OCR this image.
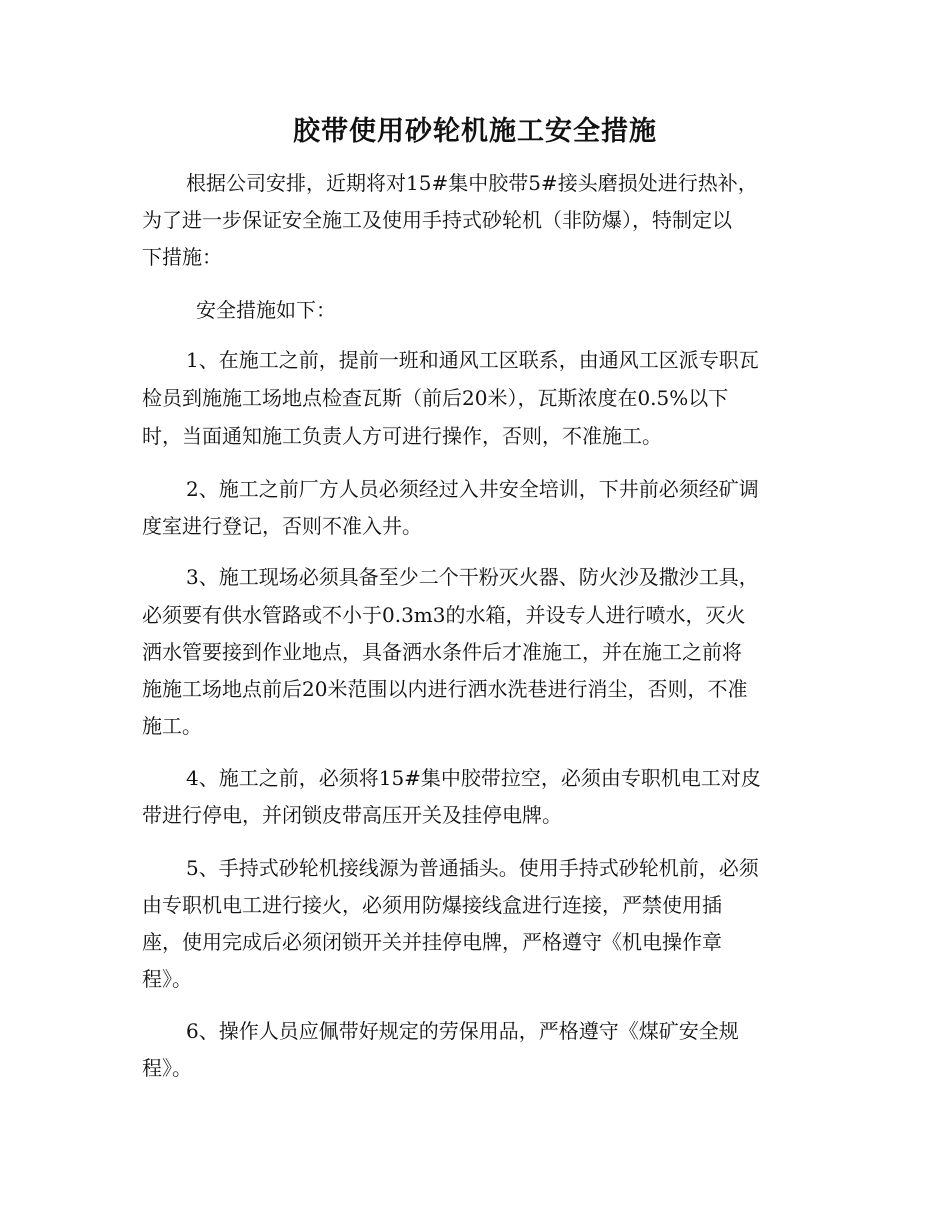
胶带使用砂轮机施工安全措施

根据公司安排，近期将对15#集中胶带5#接头磨损处进行热补，

为了进一步保证安全施工及使用手持式砂轮机（非防爆），特制定以

下措施：

安全措施如下：

1、在施工之前，提前一班和通风工区联系，由通风工区派专职瓦

检员到施施工场地点检查瓦斯（前后20米），瓦斯浓度在0.5%以下

时，当面通知施工负责人方可进行操作，否则，不准施工。

2、施工之前厂方人员必须经过入井安全培训，下井前必须经矿调

度室进行登记，否则不准入井。

3、施工现场必须具备至少二个干粉灭火器、防火沙及撒沙工具，

必须要有供水管路或不小于0.3m3的水箱，并设专人进行喷水，灭火

洒水管要接到作业地点，具备洒水条件后才准施工，并在施工之前将

施施工场地点前后20米范围以内进行洒水洗巷进行消尘，否则，不准

施工。

4、施工之前，必须将15#集中胶带拉空，必须由专职机电工对皮

带进行停电，并闭锁皮带高压开关及挂停电牌。

5、手持式砂轮机接线源为普通插头。使用手持式砂轮机前，必须

由专职机电工进行接火，必须用防爆接线盒进行连接，严禁使用插

座，使用完成后必须闭锁开关并挂停电牌，严格遵守《机电操作章

程》。

6、操作人员应佩带好规定的劳保用品，严格遵守《煤矿安全规

程》。
